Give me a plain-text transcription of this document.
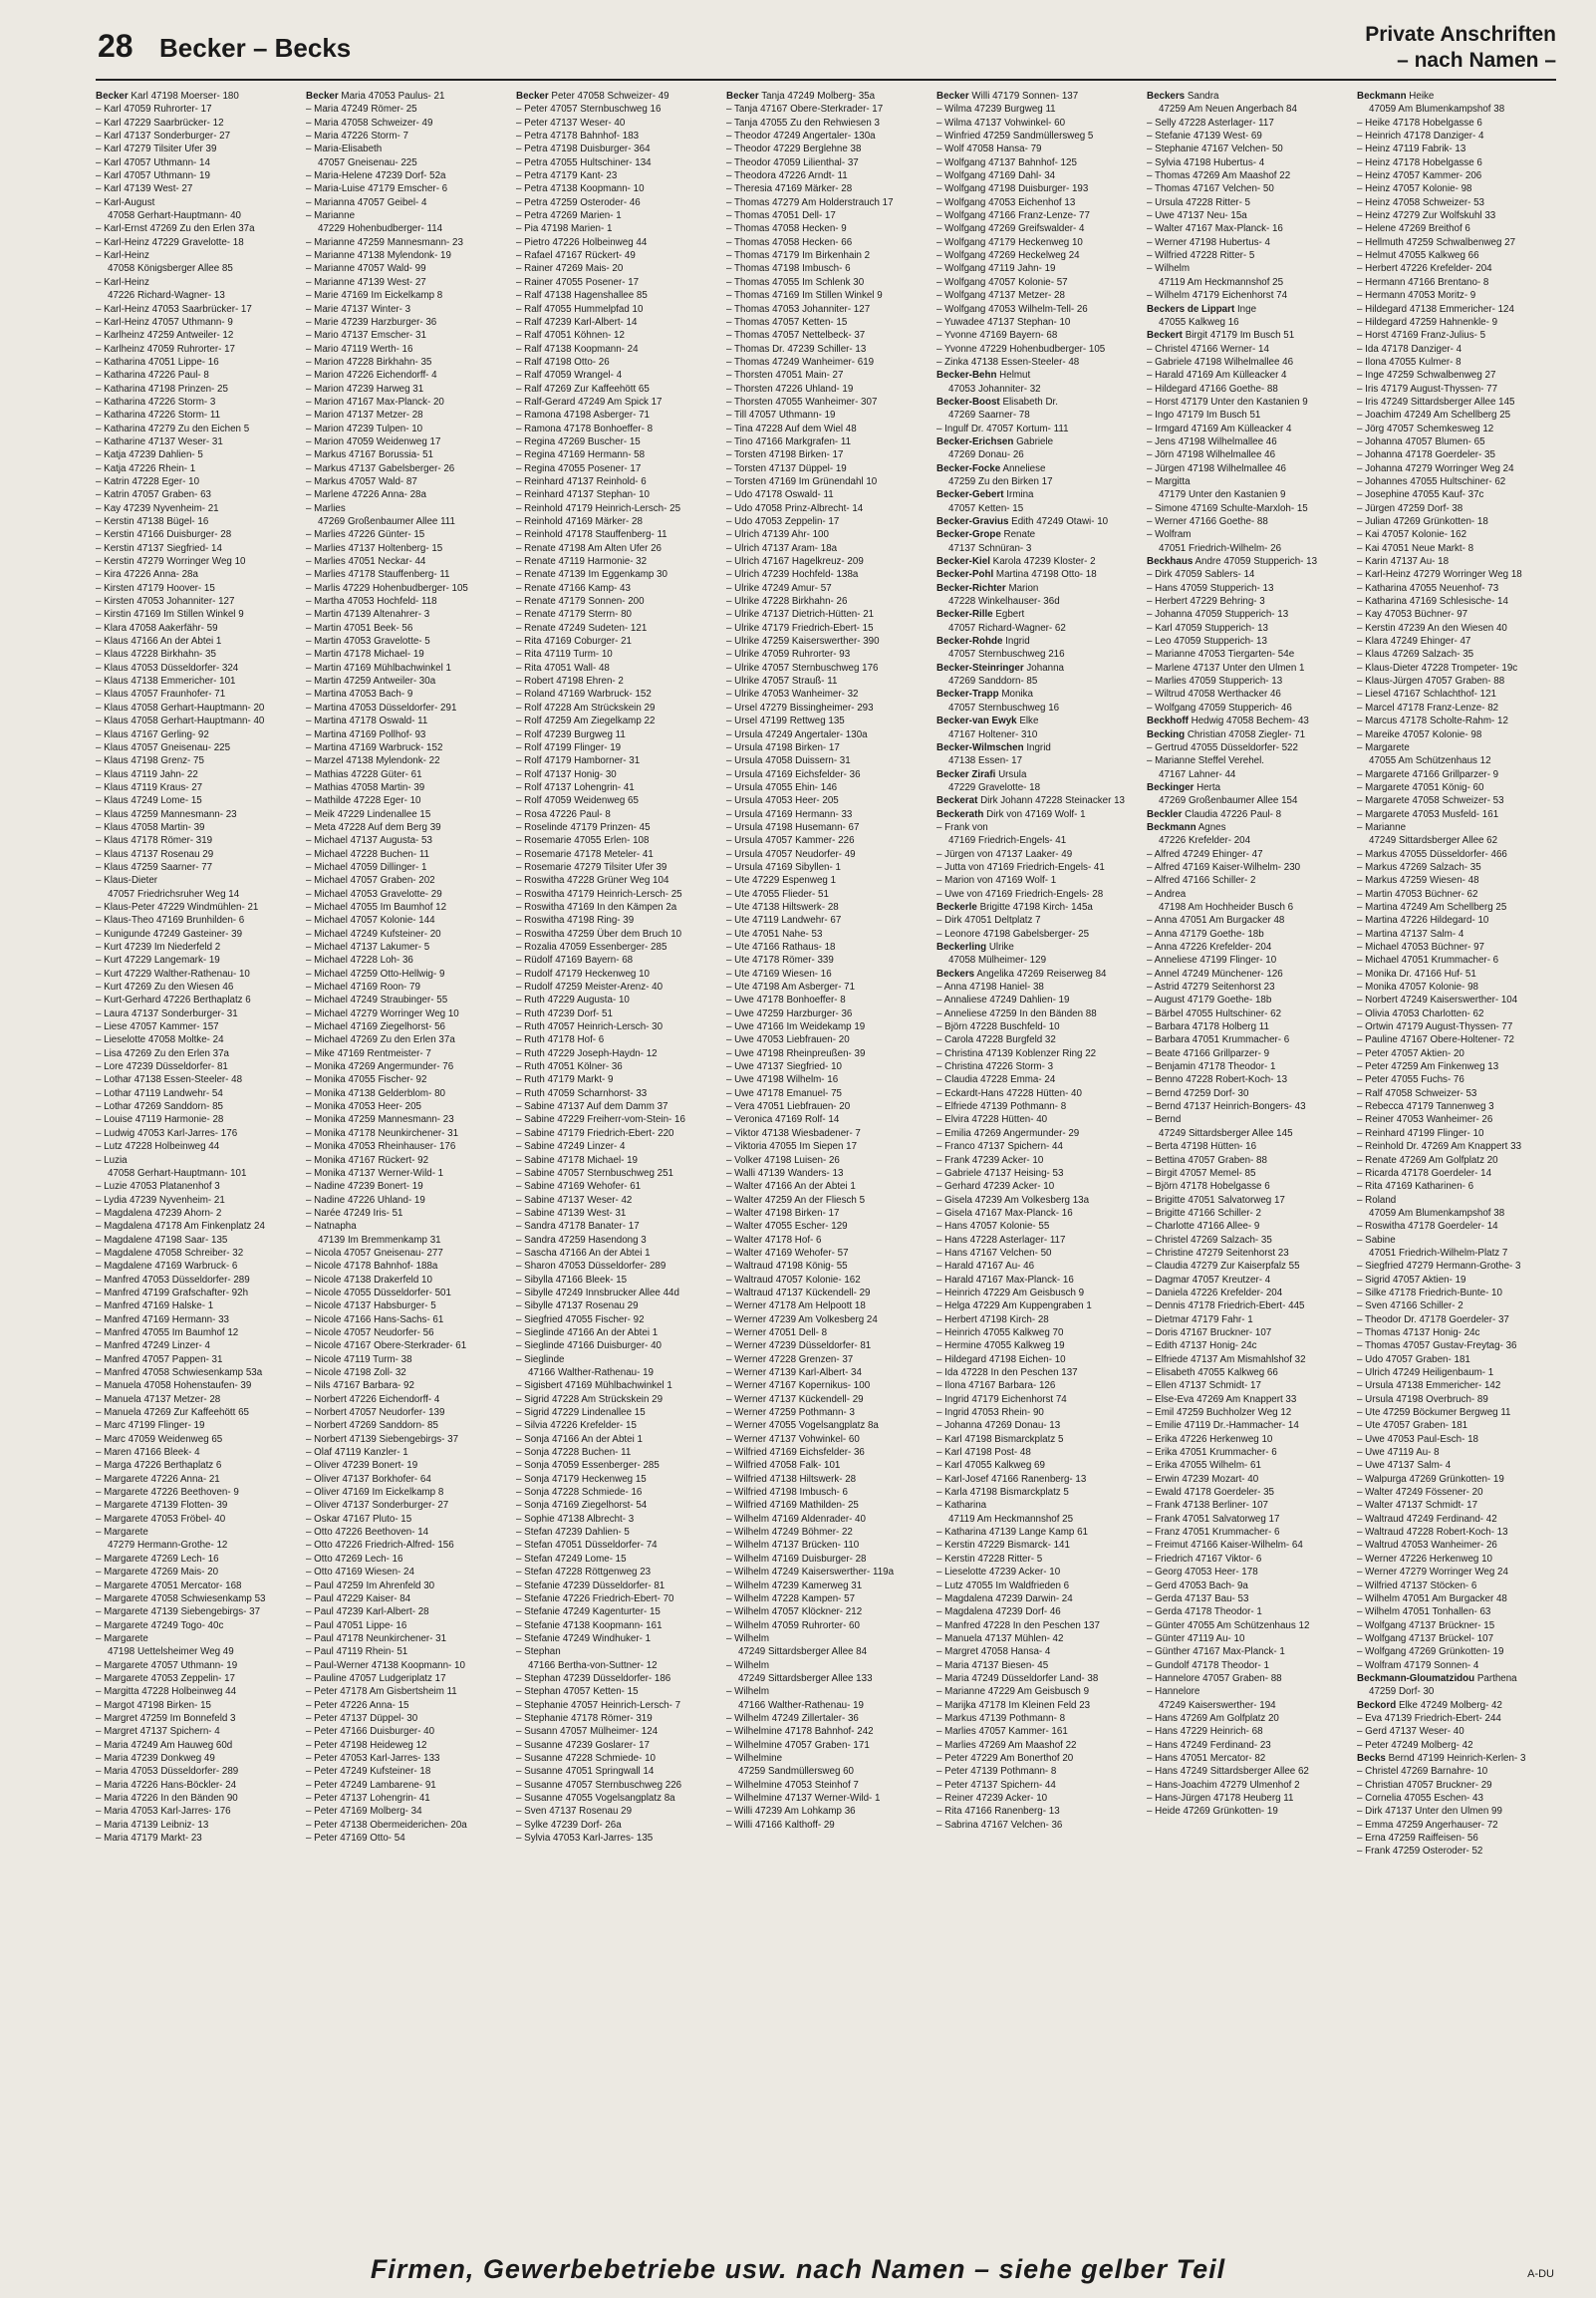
28 Becker – Becks	Private Anschriften
– nach Namen –
Becker Karl 47198 Moerser- 180
– Karl 47059 Ruhrorter- 17
– Karl 47229 Saarbrücker- 12
– Karl 47137 Sonderburger- 27
– Karl 47279 Tilsiter Ufer 39
– Karl 47057 Uthmann- 14
– Karl 47057 Uthmann- 19
– Karl 47139 West- 27
– Karl-August
47058 Gerhart-Hauptmann- 40
– Karl-Ernst 47269 Zu den Erlen 37a
– Karl-Heinz 47229 Gravelotte- 18
– Karl-Heinz
47058 Königsberger Allee 85
– Karl-Heinz
47226 Richard-Wagner- 13
– Karl-Heinz 47053 Saarbrücker- 17
– Karl-Heinz 47057 Uthmann- 9
– Karlheinz 47259 Antweiler- 12
– Karlheinz 47059 Ruhrorter- 17
– Katharina 47051 Lippe- 16
– Katharina 47226 Paul- 8
– Katharina 47198 Prinzen- 25
– Katharina 47226 Storm- 3
– Katharina 47226 Storm- 11
– Katharina 47279 Zu den Eichen 5
– Katharine 47137 Weser- 31
– Katja 47239 Dahlien- 5
– Katja 47226 Rhein- 1
– Katrin 47228 Eger- 10
– Katrin 47057 Graben- 63
– Kay 47239 Nyvenheim- 21
– Kerstin 47138 Bügel- 16
– Kerstin 47166 Duisburger- 28
– Kerstin 47137 Siegfried- 14
– Kerstin 47279 Worringer Weg 10
– Kira 47226 Anna- 28a
– Kirsten 47179 Hoover- 15
– Kirsten 47053 Johanniter- 127
– Kirstin 47169 Im Stillen Winkel 9
– Klara 47058 Aakerfähr- 59
– Klaus 47166 An der Abtei 1
– Klaus 47228 Birkhahn- 35
– Klaus 47053 Düsseldorfer- 324
– Klaus 47138 Emmericher- 101
– Klaus 47057 Fraunhofer- 71
– Klaus 47058 Gerhart-Hauptmann- 20
– Klaus 47058 Gerhart-Hauptmann- 40
– Klaus 47167 Gerling- 92
– Klaus 47057 Gneisenau- 225
– Klaus 47198 Grenz- 75
– Klaus 47119 Jahn- 22
– Klaus 47119 Kraus- 27
– Klaus 47249 Lome- 15
– Klaus 47259 Mannesmann- 23
– Klaus 47058 Martin- 39
– Klaus 47178 Römer- 319
– Klaus 47137 Rosenau 29
– Klaus 47259 Saarner- 77
– Klaus-Dieter
47057 Friedrichsruher Weg 14
– Klaus-Peter 47229 Windmühlen- 21
– Klaus-Theo 47169 Brunhilden- 6
– Kunigunde 47249 Gasteiner- 39
– Kurt 47239 Im Niederfeld 2
– Kurt 47229 Langemark- 19
– Kurt 47229 Walther-Rathenau- 10
– Kurt 47269 Zu den Wiesen 46
– Kurt-Gerhard 47226 Berthaplatz 6
– Laura 47137 Sonderburger- 31
– Liese 47057 Kammer- 157
– Lieselotte 47058 Moltke- 24
– Lisa 47269 Zu den Erlen 37a
– Lore 47239 Düsseldorfer- 81
– Lothar 47138 Essen-Steeler- 48
– Lothar 47119 Landwehr- 54
– Lothar 47269 Sanddorn- 85
– Louise 47119 Harmonie- 28
– Ludwig 47053 Karl-Jarres- 176
– Lutz 47228 Holbeinweg 44
– Luzia
47058 Gerhart-Hauptmann- 101
– Luzie 47053 Platanenhof 3
– Lydia 47239 Nyvenheim- 21
– Magdalena 47239 Ahorn- 2
– Magdalena 47178 Am Finkenplatz 24
– Magdalene 47198 Saar- 135
– Magdalene 47058 Schreiber- 32
– Magdalene 47169 Warbruck- 6
– Manfred 47053 Düsseldorfer- 289
– Manfred 47199 Grafschafter- 92h
– Manfred 47169 Halske- 1
– Manfred 47169 Hermann- 33
– Manfred 47055 Im Baumhof 12
– Manfred 47249 Linzer- 4
– Manfred 47057 Pappen- 31
– Manfred 47058 Schwiesenkamp 53a
– Manuela 47058 Hohenstaufen- 39
– Manuela 47137 Metzer- 28
– Manuela 47269 Zur Kaffeehött 65
– Marc 47199 Flinger- 19
– Marc 47059 Weidenweg 65
– Maren 47166 Bleek- 4
– Marga 47226 Berthaplatz 6
– Margarete 47226 Anna- 21
– Margarete 47226 Beethoven- 9
– Margarete 47139 Flotten- 39
– Margarete 47053 Fröbel- 40
– Margarete
47279 Hermann-Grothe- 12
– Margarete 47269 Lech- 16
– Margarete 47269 Mais- 20
– Margarete 47051 Mercator- 168
– Margarete 47058 Schwiesenkamp 53
– Margarete 47139 Siebengebirgs- 37
– Margarete 47249 Togo- 40c
– Margarete
47198 Uettelsheimer Weg 49
– Margarete 47057 Uthmann- 19
– Margarete 47053 Zeppelin- 17
– Margitta 47228 Holbeinweg 44
– Margot 47198 Birken- 15
– Margret 47259 Im Bonnefeld 3
– Margret 47137 Spichern- 4
– Maria 47249 Am Hauweg 60d
– Maria 47239 Donkweg 49
– Maria 47053 Düsseldorfer- 289
– Maria 47226 Hans-Böckler- 24
– Maria 47226 In den Bänden 90
– Maria 47053 Karl-Jarres- 176
– Maria 47139 Leibniz- 13
– Maria 47179 Markt- 23
Becker Maria 47053 Paulus- 21
– Maria 47249 Römer- 25
– Maria 47058 Schweizer- 49
– Maria 47226 Storm- 7
– Maria-Elisabeth
47057 Gneisenau- 225
– Maria-Helene 47239 Dorf- 52a
– Maria-Luise 47179 Emscher- 6
– Marianna 47057 Geibel- 4
– Marianne
47229 Hohenbudberger- 114
– Marianne 47259 Mannesmann- 23
– Marianne 47138 Mylendonk- 19
– Marianne 47057 Wald- 99
– Marianne 47139 West- 27
– Marie 47169 Im Eickelkamp 8
– Marie 47137 Winter- 3
– Marie 47239 Harzburger- 36
– Mario 47137 Emscher- 31
– Mario 47119 Werth- 16
– Marion 47228 Birkhahn- 35
– Marion 47226 Eichendorff- 4
– Marion 47239 Harweg 31
– Marion 47167 Max-Planck- 20
– Marion 47137 Metzer- 28
– Marion 47239 Tulpen- 10
– Marion 47059 Weidenweg 17
– Markus 47167 Borussia- 51
– Markus 47137 Gabelsberger- 26
– Markus 47057 Wald- 87
– Marlene 47226 Anna- 28a
– Marlies
47269 Großenbaumer Allee 111
– Marlies 47226 Günter- 15
– Marlies 47137 Holtenberg- 15
– Marlies 47051 Neckar- 44
– Marlies 47178 Stauffenberg- 11
– Marlis 47229 Hohenbudberger- 105
– Martha 47053 Hochfeld- 118
– Martin 47139 Altenahrer- 3
– Martin 47051 Beek- 56
– Martin 47053 Gravelotte- 5
– Martin 47178 Michael- 19
– Martin 47169 Mühlbachwinkel 1
– Martin 47259 Antweiler- 30a
– Martina 47053 Bach- 9
– Martina 47053 Düsseldorfer- 291
– Martina 47178 Oswald- 11
– Martina 47169 Pollhof- 93
– Martina 47169 Warbruck- 152
– Marzel 47138 Mylendonk- 22
– Mathias 47228 Güter- 61
– Mathias 47058 Martin- 39
– Mathilde 47228 Eger- 10
– Meik 47229 Lindenallee 15
– Meta 47228 Auf dem Berg 39
– Michael 47137 Augusta- 53
– Michael 47228 Buchen- 11
– Michael 47059 Dillinger- 1
– Michael 47057 Graben- 202
– Michael 47053 Gravelotte- 29
– Michael 47055 Im Baumhof 12
– Michael 47057 Kolonie- 144
– Michael 47249 Kufsteiner- 20
– Michael 47137 Lakumer- 5
– Michael 47228 Loh- 36
– Michael 47259 Otto-Hellwig- 9
– Michael 47169 Roon- 79
– Michael 47249 Straubinger- 55
– Michael 47279 Worringer Weg 10
– Michael 47169 Ziegelhorst- 56
– Michael 47269 Zu den Erlen 37a
– Mike 47169 Rentmeister- 7
– Monika 47269 Angermunder- 76
– Monika 47055 Fischer- 92
– Monika 47138 Gelderblom- 80
– Monika 47053 Heer- 205
– Monika 47259 Mannesmann- 23
– Monika 47178 Neunkirchener- 31
– Monika 47053 Rheinhauser- 176
– Monika 47167 Rückert- 92
– Monika 47137 Werner-Wild- 1
– Nadine 47239 Bonert- 19
– Nadine 47226 Uhland- 19
– Narée 47249 Iris- 51
– Natnapha
47139 Im Bremmenkamp 31
– Nicola 47057 Gneisenau- 277
– Nicole 47178 Bahnhof- 188a
– Nicole 47138 Drakerfeld 10
– Nicole 47055 Düsseldorfer- 501
– Nicole 47137 Habsburger- 5
– Nicole 47166 Hans-Sachs- 61
– Nicole 47057 Neudorfer- 56
– Nicole 47167 Obere-Sterkrader- 61
– Nicole 47119 Turm- 38
– Nicole 47198 Zoll- 32
– Nils 47167 Barbara- 92
– Norbert 47226 Eichendorff- 4
– Norbert 47057 Neudorfer- 139
– Norbert 47269 Sanddorn- 85
– Norbert 47139 Siebengebirgs- 37
– Olaf 47119 Kanzler- 1
– Oliver 47239 Bonert- 19
– Oliver 47137 Borkhofer- 64
– Oliver 47169 Im Eickelkamp 8
– Oliver 47137 Sonderburger- 27
– Oskar 47167 Pluto- 15
– Otto 47226 Beethoven- 14
– Otto 47226 Friedrich-Alfred- 156
– Otto 47269 Lech- 16
– Otto 47169 Wiesen- 24
– Paul 47259 Im Ahrenfeld 30
– Paul 47229 Kaiser- 84
– Paul 47239 Karl-Albert- 28
– Paul 47051 Lippe- 16
– Paul 47178 Neunkirchener- 31
– Paul 47119 Rhein- 51
– Paul-Werner 47138 Koopmann- 10
– Pauline 47057 Ludgeriplatz 17
– Peter 47178 Am Gisbertsheim 11
– Peter 47226 Anna- 15
– Peter 47137 Düppel- 30
– Peter 47166 Duisburger- 40
– Peter 47198 Heideweg 12
– Peter 47053 Karl-Jarres- 133
– Peter 47249 Kufsteiner- 18
– Peter 47249 Lambarene- 91
– Peter 47137 Lohengrin- 41
– Peter 47169 Molberg- 34
– Peter 47138 Obermeiderichen- 20a
– Peter 47169 Otto- 54
Becker Peter 47058 Schweizer- 49
– Peter 47057 Sternbuschweg 16
– Peter 47137 Weser- 40
– Petra 47178 Bahnhof- 183
– Petra 47198 Duisburger- 364
– Petra 47055 Hultschiner- 134
– Petra 47179 Kant- 23
– Petra 47138 Koopmann- 10
– Petra 47259 Osteroder- 46
– Petra 47269 Marien- 1
– Pia 47198 Marien- 1
– Pietro 47226 Holbeinweg 44
– Rafael 47167 Rückert- 49
– Rainer 47269 Mais- 20
– Rainer 47055 Posener- 17
– Ralf 47138 Hagenshallee 85
– Ralf 47055 Hummelpfad 10
– Ralf 47239 Karl-Albert- 14
– Ralf 47051 Köhnen- 12
– Ralf 47138 Koopmann- 24
– Ralf 47198 Otto- 26
– Ralf 47059 Wrangel- 4
– Ralf 47269 Zur Kaffeehött 65
– Ralf-Gerard 47249 Am Spick 17
– Ramona 47198 Asberger- 71
– Ramona 47178 Bonhoeffer- 8
– Regina 47269 Buscher- 15
– Regina 47169 Hermann- 58
– Regina 47055 Posener- 17
– Reinhard 47137 Reinhold- 6
– Reinhard 47137 Stephan- 10
– Reinhold 47179 Heinrich-Lersch- 25
– Reinhold 47169 Märker- 28
– Reinhold 47178 Stauffenberg- 11
– Renate 47198 Am Alten Ufer 26
– Renate 47119 Harmonie- 32
– Renate 47139 Im Eggenkamp 30
– Renate 47166 Kamp- 43
– Renate 47179 Sonnen- 200
– Renate 47179 Sterrn- 80
– Renate 47249 Sudeten- 121
– Rita 47169 Coburger- 21
– Rita 47119 Turm- 10
– Rita 47051 Wall- 48
– Robert 47198 Ehren- 2
– Roland 47169 Warbruck- 152
– Rolf 47228 Am Strückskein 29
– Rolf 47259 Am Ziegelkamp 22
– Rolf 47239 Burgweg 11
– Rolf 47199 Flinger- 19
– Rolf 47179 Hamborner- 31
– Rolf 47137 Honig- 30
– Rolf 47137 Lohengrin- 41
– Rolf 47059 Weidenweg 65
– Rosa 47226 Paul- 8
– Roselinde 47179 Prinzen- 45
– Rosemarie 47055 Erlen- 108
– Rosemarie 47178 Meteler- 41
– Rosemarie 47279 Tilsiter Ufer 39
– Roswitha 47228 Grüner Weg 104
– Roswitha 47179 Heinrich-Lersch- 25
– Roswitha 47169 In den Kämpen 2a
– Roswitha 47198 Ring- 39
– Roswitha 47259 Über dem Bruch 10
– Rozalia 47059 Essenberger- 285
– Rüdolf 47169 Bayern- 68
– Rudolf 47179 Heckenweg 10
– Rudolf 47259 Meister-Arenz- 40
– Ruth 47229 Augusta- 10
– Ruth 47239 Dorf- 51
– Ruth 47057 Heinrich-Lersch- 30
– Ruth 47178 Hof- 6
– Ruth 47229 Joseph-Haydn- 12
– Ruth 47051 Kölner- 36
– Ruth 47179 Markt- 9
– Ruth 47059 Scharnhorst- 33
– Sabine 47137 Auf dem Damm 37
– Sabine 47229 Freiherr-vom-Stein- 16
– Sabine 47179 Friedrich-Ebert- 220
– Sabine 47249 Linzer- 4
– Sabine 47178 Michael- 19
– Sabine 47057 Sternbuschweg 251
– Sabine 47169 Wehofer- 61
– Sabine 47137 Weser- 42
– Sabine 47139 West- 31
– Sandra 47178 Banater- 17
– Sandra 47259 Hasendong 3
– Sascha 47166 An der Abtei 1
– Sharon 47053 Düsseldorfer- 289
– Sibylla 47166 Bleek- 15
– Sibylle 47249 Innsbrucker Allee 44d
– Sibylle 47137 Rosenau 29
– Siegfried 47055 Fischer- 92
– Sieglinde 47166 An der Abtei 1
– Sieglinde 47166 Duisburger- 40
– Sieglinde
47166 Walther-Rathenau- 19
– Sigisbert 47169 Mühlbachwinkel 1
– Sigrid 47228 Am Strückskein 29
– Sigrid 47229 Lindenallee 15
– Silvia 47226 Krefelder- 15
– Sonja 47166 An der Abtei 1
– Sonja 47228 Buchen- 11
– Sonja 47059 Essenberger- 285
– Sonja 47179 Heckenweg 15
– Sonja 47228 Schmiede- 16
– Sonja 47169 Ziegelhorst- 54
– Sophie 47138 Albrecht- 3
– Stefan 47239 Dahlien- 5
– Stefan 47051 Düsseldorfer- 74
– Stefan 47249 Lome- 15
– Stefan 47228 Röttgenweg 23
– Stefanie 47239 Düsseldorfer- 81
– Stefanie 47226 Friedrich-Ebert- 70
– Stefanie 47249 Kagenturter- 15
– Stefanie 47138 Koopmann- 161
– Stefanie 47249 Windhuker- 1
– Stephan
47166 Bertha-von-Suttner- 12
– Stephan 47239 Düsseldorfer- 186
– Stephan 47057 Ketten- 15
– Stephanie 47057 Heinrich-Lersch- 7
– Stephanie 47178 Römer- 319
– Susann 47057 Mülheimer- 124
– Susanne 47239 Goslarer- 17
– Susanne 47228 Schmiede- 10
– Susanne 47051 Springwall 14
– Susanne 47057 Sternbuschweg 226
– Susanne 47055 Vogelsangplatz 8a
– Sven 47137 Rosenau 29
– Sylke 47239 Dorf- 26a
– Sylvia 47053 Karl-Jarres- 135
Becker Tanja 47249 Molberg- 35a
– Tanja 47167 Obere-Sterkrader- 17
– Tanja 47055 Zu den Rehwiesen 3
– Theodor 47249 Angertaler- 130a
– Theodor 47229 Berglehne 38
– Theodor 47059 Lilienthal- 37
– Theodora 47226 Arndt- 11
– Theresia 47169 Märker- 28
– Thomas 47279 Am Holderstrauch 17
– Thomas 47051 Dell- 17
– Thomas 47058 Hecken- 9
– Thomas 47058 Hecken- 66
– Thomas 47179 Im Birkenhain 2
– Thomas 47198 Imbusch- 6
– Thomas 47055 Im Schlenk 30
– Thomas 47169 Im Stillen Winkel 9
– Thomas 47053 Johanniter- 127
– Thomas 47057 Ketten- 15
– Thomas 47057 Nettelbeck- 37
– Thomas Dr. 47239 Schiller- 13
– Thomas 47249 Wanheimer- 619
– Thorsten 47051 Main- 27
– Thorsten 47226 Uhland- 19
– Thorsten 47055 Wanheimer- 307
– Till 47057 Uthmann- 19
– Tina 47228 Auf dem Wiel 48
– Tino 47166 Markgrafen- 11
– Torsten 47198 Birken- 17
– Torsten 47137 Düppel- 19
– Torsten 47169 Im Grünendahl 10
– Udo 47178 Oswald- 11
– Udo 47058 Prinz-Albrecht- 14
– Udo 47053 Zeppelin- 17
– Ulrich 47139 Ahr- 100
– Ulrich 47137 Aram- 18a
– Ulrich 47167 Hagelkreuz- 209
– Ulrich 47239 Hochfeld- 138a
– Ulrike 47249 Amur- 57
– Ulrike 47228 Birkhahn- 26
– Ulrike 47137 Dietrich-Hütten- 21
– Ulrike 47179 Friedrich-Ebert- 15
– Ulrike 47259 Kaiserswerther- 390
– Ulrike 47059 Ruhrorter- 93
– Ulrike 47057 Sternbuschweg 176
– Ulrike 47057 Strauß- 11
– Ulrike 47053 Wanheimer- 32
– Ursel 47279 Bissingheimer- 293
– Ursel 47199 Rettweg 135
– Ursula 47249 Angertaler- 130a
– Ursula 47198 Birken- 17
– Ursula 47058 Duissern- 31
– Ursula 47169 Eichsfelder- 36
– Ursula 47055 Ehin- 146
– Ursula 47053 Heer- 205
– Ursula 47169 Hermann- 33
– Ursula 47198 Husemann- 67
– Ursula 47057 Kammer- 226
– Ursula 47057 Neudorfer- 49
– Ursula 47169 Sibyllen- 1
– Ute 47229 Espenweg 1
– Ute 47055 Flieder- 51
– Ute 47138 Hiltswerk- 28
– Ute 47119 Landwehr- 67
– Ute 47051 Nahe- 53
– Ute 47166 Rathaus- 18
– Ute 47178 Römer- 339
– Ute 47169 Wiesen- 16
– Ute 47198 Am Asberger- 71
– Uwe 47178 Bonhoeffer- 8
– Uwe 47259 Harzburger- 36
– Uwe 47166 Im Weidekamp 19
– Uwe 47053 Liebfrauen- 20
– Uwe 47198 Rheinpreußen- 39
– Uwe 47137 Siegfried- 10
– Uwe 47198 Wilhelm- 16
– Uwe 47178 Emanuel- 75
– Vera 47051 Liebfrauen- 20
– Veronica 47169 Rolf- 14
– Viktor 47138 Wiesbadener- 7
– Viktoria 47055 Im Siepen 17
– Volker 47198 Luisen- 26
– Walli 47139 Wanders- 13
– Walter 47166 An der Abtei 1
– Walter 47259 An der Fliesch 5
– Walter 47198 Birken- 17
– Walter 47055 Escher- 129
– Walter 47178 Hof- 6
– Walter 47169 Wehofer- 57
– Waltraud 47198 König- 55
– Waltraud 47057 Kolonie- 162
– Waltraud 47137 Kückendell- 29
– Werner 47178 Am Helpoott 18
– Werner 47239 Am Volkesberg 24
– Werner 47051 Dell- 8
– Werner 47239 Düsseldorfer- 81
– Werner 47228 Grenzen- 37
– Werner 47139 Karl-Albert- 34
– Werner 47167 Kopernikus- 100
– Werner 47137 Kückendell- 29
– Werner 47259 Pothmann- 3
– Werner 47055 Vogelsangplatz 8a
– Werner 47137 Vohwinkel- 60
– Wilfried 47169 Eichsfelder- 36
– Wilfried 47058 Falk- 101
– Wilfried 47138 Hiltswerk- 28
– Wilfried 47198 Imbusch- 6
– Wilfried 47169 Mathilden- 25
– Wilhelm 47169 Aldenrader- 40
– Wilhelm 47249 Böhmer- 22
– Wilhelm 47137 Brücken- 110
– Wilhelm 47169 Duisburger- 28
– Wilhelm 47249 Kaiserswerther- 119a
– Wilhelm 47239 Kamerweg 31
– Wilhelm 47228 Kampen- 57
– Wilhelm 47057 Klöckner- 212
– Wilhelm 47059 Ruhrorter- 60
– Wilhelm
47249 Sittardsberger Allee 84
– Wilhelm
47249 Sittardsberger Allee 133
– Wilhelm
47166 Walther-Rathenau- 19
– Wilhelm 47249 Zillertaler- 36
– Wilhelmine 47178 Bahnhof- 242
– Wilhelmine 47057 Graben- 171
– Wilhelmine
47259 Sandmüllersweg 60
– Wilhelmine 47053 Steinhof 7
– Wilhelmine 47137 Werner-Wild- 1
– Willi 47239 Am Lohkamp 36
– Willi 47166 Kalthoff- 29
Becker Willi 47179 Sonnen- 137
– Wilma 47239 Burgweg 11
– Wilma 47137 Vohwinkel- 60
– Winfried 47259 Sandmüllersweg 5
– Wolf 47058 Hansa- 79
– Wolfgang 47137 Bahnhof- 125
– Wolfgang 47169 Dahl- 34
– Wolfgang 47198 Duisburger- 193
– Wolfgang 47053 Eichenhof 13
– Wolfgang 47166 Franz-Lenze- 77
– Wolfgang 47269 Greifswalder- 4
– Wolfgang 47179 Heckenweg 10
– Wolfgang 47269 Heckelweg 24
– Wolfgang 47119 Jahn- 19
– Wolfgang 47057 Kolonie- 57
– Wolfgang 47137 Metzer- 28
– Wolfgang 47053 Wilhelm-Tell- 26
– Yuwadee 47137 Stephan- 10
– Yvonne 47169 Bayern- 68
– Yvonne 47229 Hohenbudberger- 105
– Zinka 47138 Essen-Steeler- 48
Becker-Behn Helmut
47053 Johanniter- 32
Becker-Boost Elisabeth Dr.
47269 Saarner- 78
– Ingulf Dr. 47057 Kortum- 111
Becker-Erichsen Gabriele
47269 Donau- 26
Becker-Focke Anneliese
47259 Zu den Birken 17
Becker-Gebert Irmina
47057 Ketten- 15
Becker-Gravius Edith 47249 Otawi- 10
Becker-Grope Renate
47137 Schnüran- 3
Becker-Kiel Karola 47239 Kloster- 2
Becker-Pohl Martina 47198 Otto- 18
Becker-Richter Marion
47228 Winkelhauser- 36d
Becker-Rille Egbert
47057 Richard-Wagner- 62
Becker-Rohde Ingrid
47057 Sternbuschweg 216
Becker-Steinringer Johanna
47269 Sanddorn- 85
Becker-Trapp Monika
47057 Sternbuschweg 16
Becker-van Ewyk Elke
47167 Holtener- 310
Becker-Wilmschen Ingrid
47138 Essen- 17
Becker Zirafi Ursula
47229 Gravelotte- 18
Beckerat Dirk Johann 47228 Steinacker 13
Beckerath Dirk von 47169 Wolf- 1
– Frank von
47169 Friedrich-Engels- 41
– Jürgen von 47137 Laaker- 49
– Jutta von 47169 Friedrich-Engels- 41
– Marion von 47169 Wolf- 1
– Uwe von 47169 Friedrich-Engels- 28
Beckerle Brigitte 47198 Kirch- 145a
– Dirk 47051 Deltplatz 7
– Leonore 47198 Gabelsberger- 25
Beckerling Ulrike
47058 Mülheimer- 129
Beckers Angelika 47269 Reiserweg 84
– Anna 47198 Haniel- 38
– Annaliese 47249 Dahlien- 19
– Anneliese 47259 In den Bänden 88
– Björn 47228 Buschfeld- 10
– Carola 47228 Burgfeld 32
– Christina 47139 Koblenzer Ring 22
– Christina 47226 Storm- 3
– Claudia 47228 Emma- 24
– Eckardt-Hans 47228 Hütten- 40
– Elfriede 47139 Pothmann- 8
– Elvira 47228 Hütten- 40
– Emilia 47269 Angermunder- 29
– Franco 47137 Spichern- 44
– Frank 47239 Acker- 10
– Gabriele 47137 Heising- 53
– Gerhard 47239 Acker- 10
– Gisela 47239 Am Volkesberg 13a
– Gisela 47167 Max-Planck- 16
– Hans 47057 Kolonie- 55
– Hans 47228 Asterlager- 117
– Hans 47167 Velchen- 50
– Harald 47167 Au- 46
– Harald 47167 Max-Planck- 16
– Heinrich 47229 Am Geisbusch 9
– Helga 47229 Am Kuppengraben 1
– Herbert 47198 Kirch- 28
– Heinrich 47055 Kalkweg 70
– Hermine 47055 Kalkweg 19
– Hildegard 47198 Eichen- 10
– Ida 47228 In den Peschen 137
– Ilona 47167 Barbara- 126
– Ingrid 47179 Eichenhorst 74
– Ingrid 47053 Rhein- 90
– Johanna 47269 Donau- 13
– Karl 47198 Bismarckplatz 5
– Karl 47198 Post- 48
– Karl 47055 Kalkweg 69
– Karl-Josef 47166 Ranenberg- 13
– Karla 47198 Bismarckplatz 5
– Katharina
47119 Am Heckmannshof 25
– Katharina 47139 Lange Kamp 61
– Kerstin 47229 Bismarck- 141
– Kerstin 47228 Ritter- 5
– Lieselotte 47239 Acker- 10
– Lutz 47055 Im Waldfrieden 6
– Magdalena 47239 Darwin- 24
– Magdalena 47239 Dorf- 46
– Manfred 47228 In den Peschen 137
– Manuela 47137 Mühlen- 42
– Margret 47058 Hansa- 4
– Maria 47137 Biesen- 45
– Maria 47249 Düsseldorfer Land- 38
– Marianne 47229 Am Geisbusch 9
– Marijka 47178 Im Kleinen Feld 23
– Markus 47139 Pothmann- 8
– Marlies 47057 Kammer- 161
– Marlies 47269 Am Maashof 22
– Peter 47229 Am Bonerthof 20
– Peter 47139 Pothmann- 8
– Peter 47137 Spichern- 44
– Reiner 47239 Acker- 10
– Rita 47166 Ranenberg- 13
– Sabrina 47167 Velchen- 36
Beckers Sandra
47259 Am Neuen Angerbach 84
– Selly 47228 Asterlager- 117
– Stefanie 47139 West- 69
– Stephanie 47167 Velchen- 50
– Sylvia 47198 Hubertus- 4
– Thomas 47269 Am Maashof 22
– Thomas 47167 Velchen- 50
– Ursula 47228 Ritter- 5
– Uwe 47137 Neu- 15a
– Walter 47167 Max-Planck- 16
– Werner 47198 Hubertus- 4
– Wilfried 47228 Ritter- 5
– Wilhelm
47119 Am Heckmannshof 25
– Wilhelm 47179 Eichenhorst 74
Beckers de Lippart Inge
47055 Kalkweg 16
Beckert Birgit 47179 Im Busch 51
– Christel 47166 Werner- 14
– Gabriele 47198 Wilhelmallee 46
– Harald 47169 Am Külleacker 4
– Hildegard 47166 Goethe- 88
– Horst 47179 Unter den Kastanien 9
– Ingo 47179 Im Busch 51
– Irmgard 47169 Am Külleacker 4
– Jens 47198 Wilhelmallee 46
– Jörn 47198 Wilhelmallee 46
– Jürgen 47198 Wilhelmallee 46
– Margitta
47179 Unter den Kastanien 9
– Simone 47169 Schulte-Marxloh- 15
– Werner 47166 Goethe- 88
– Wolfram
47051 Friedrich-Wilhelm- 26
Beckhaus Andre 47059 Stupperich- 13
– Dirk 47059 Sablers- 14
– Hans 47059 Stupperich- 13
– Herbert 47229 Behring- 3
– Johanna 47059 Stupperich- 13
– Karl 47059 Stupperich- 13
– Leo 47059 Stupperich- 13
– Marianne 47053 Tiergarten- 54e
– Marlene 47137 Unter den Ulmen 1
– Marlies 47059 Stupperich- 13
– Wiltrud 47058 Werthacker 46
– Wolfgang 47059 Stupperich- 46
Beckhoff Hedwig 47058 Bechem- 43
Becking Christian 47058 Ziegler- 71
– Gertrud 47055 Düsseldorfer- 522
– Marianne Steffel Verehel.
47167 Lahner- 44
Beckinger Herta
47269 Großenbaumer Allee 154
Beckler Claudia 47226 Paul- 8
Beckmann Agnes
47226 Krefelder- 204
– Alfred 47249 Ehinger- 47
– Alfred 47169 Kaiser-Wilhelm- 230
– Alfred 47166 Schiller- 2
– Andrea
47198 Am Hochheider Busch 6
– Anna 47051 Am Burgacker 48
– Anna 47179 Goethe- 18b
– Anna 47226 Krefelder- 204
– Anneliese 47199 Flinger- 10
– Annel 47249 Münchener- 126
– Astrid 47279 Seitenhorst 23
– August 47179 Goethe- 18b
– Bärbel 47055 Hultschiner- 62
– Barbara 47178 Holberg 11
– Barbara 47051 Krummacher- 6
– Beate 47166 Grillparzer- 9
– Benjamin 47178 Theodor- 1
– Benno 47228 Robert-Koch- 13
– Bernd 47259 Dorf- 30
– Bernd 47137 Heinrich-Bongers- 43
– Bernd
47249 Sittardsberger Allee 145
– Berta 47198 Hütten- 16
– Bettina 47057 Graben- 88
– Birgit 47057 Memel- 85
– Björn 47178 Hobelgasse 6
– Brigitte 47051 Salvatorweg 17
– Brigitte 47166 Schiller- 2
– Charlotte 47166 Allee- 9
– Christel 47269 Salzach- 35
– Christine 47279 Seitenhorst 23
– Claudia 47279 Zur Kaiserpfalz 55
– Dagmar 47057 Kreutzer- 4
– Daniela 47226 Krefelder- 204
– Dennis 47178 Friedrich-Ebert- 445
– Dietmar 47179 Fahr- 1
– Doris 47167 Bruckner- 107
– Edith 47137 Honig- 24c
– Elfriede 47137 Am Mismahlshof 32
– Elisabeth 47055 Kalkweg 66
– Ellen 47137 Schmidt- 17
– Else-Eva 47269 Am Knappert 33
– Emil 47259 Buchholzer Weg 12
– Emilie 47119 Dr.-Hammacher- 14
– Erika 47226 Herkenweg 10
– Erika 47051 Krummacher- 6
– Erika 47055 Wilhelm- 61
– Erwin 47239 Mozart- 40
– Ewald 47178 Goerdeler- 35
– Frank 47138 Berliner- 107
– Frank 47051 Salvatorweg 17
– Franz 47051 Krummacher- 6
– Freimut 47166 Kaiser-Wilhelm- 64
– Friedrich 47167 Viktor- 6
– Georg 47053 Heer- 178
– Gerd 47053 Bach- 9a
– Gerda 47137 Bau- 53
– Gerda 47178 Theodor- 1
– Günter 47055 Am Schützenhaus 12
– Günter 47119 Au- 10
– Günther 47167 Max-Planck- 1
– Gundolf 47178 Theodor- 1
– Hannelore 47057 Graben- 88
– Hannelore
47249 Kaiserswerther- 194
– Hans 47269 Am Golfplatz 20
– Hans 47229 Heinrich- 68
– Hans 47249 Ferdinand- 23
– Hans 47051 Mercator- 82
– Hans 47249 Sittardsberger Allee 62
– Hans-Joachim 47279 Ulmenhof 2
– Hans-Jürgen 47178 Heuberg 11
– Heide 47269 Grünkotten- 19
Beckmann Heike
47059 Am Blumenkampshof 38
– Heike 47178 Hobelgasse 6
– Heinrich 47178 Danziger- 4
– Heinz 47119 Fabrik- 13
– Heinz 47178 Hobelgasse 6
– Heinz 47057 Kammer- 206
– Heinz 47057 Kolonie- 98
– Heinz 47058 Schweizer- 53
– Heinz 47279 Zur Wolfskuhl 33
– Helene 47269 Breithof 6
– Hellmuth 47259 Schwalbenweg 27
– Helmut 47055 Kalkweg 66
– Herbert 47226 Krefelder- 204
– Hermann 47166 Brentano- 8
– Hermann 47053 Moritz- 9
– Hildegard 47138 Emmericher- 124
– Hildegard 47259 Hahnenkle- 9
– Horst 47169 Franz-Julius- 5
– Ida 47178 Danziger- 4
– Ilona 47055 Kulmer- 8
– Inge 47259 Schwalbenweg 27
– Iris 47179 August-Thyssen- 77
– Iris 47249 Sittardsberger Allee 145
– Joachim 47249 Am Schellberg 25
– Jörg 47057 Schemkesweg 12
– Johanna 47057 Blumen- 65
– Johanna 47178 Goerdeler- 35
– Johanna 47279 Worringer Weg 24
– Johannes 47055 Hultschiner- 62
– Josephine 47055 Kauf- 37c
– Jürgen 47259 Dorf- 38
– Julian 47269 Grünkotten- 18
– Kai 47057 Kolonie- 162
– Kai 47051 Neue Markt- 8
– Karin 47137 Au- 18
– Karl-Heinz 47279 Worringer Weg 18
– Katharina 47055 Neuenhof- 73
– Katharina 47169 Schlesische- 14
– Kay 47053 Büchner- 97
– Kerstin 47239 An den Wiesen 40
– Klara 47249 Ehinger- 47
– Klaus 47269 Salzach- 35
– Klaus-Dieter 47228 Trompeter- 19c
– Klaus-Jürgen 47057 Graben- 88
– Liesel 47167 Schlachthof- 121
– Marcel 47178 Franz-Lenze- 82
– Marcus 47178 Scholte-Rahm- 12
– Mareike 47057 Kolonie- 98
– Margarete
47055 Am Schützenhaus 12
– Margarete 47166 Grillparzer- 9
– Margarete 47051 König- 60
– Margarete 47058 Schweizer- 53
– Margarete 47053 Musfeld- 161
– Marianne
47249 Sittardsberger Allee 62
– Markus 47055 Düsseldorfer- 466
– Markus 47269 Salzach- 35
– Markus 47259 Wiesen- 48
– Martin 47053 Büchner- 62
– Martina 47249 Am Schellberg 25
– Martina 47226 Hildegard- 10
– Martina 47137 Salm- 4
– Michael 47053 Büchner- 97
– Michael 47051 Krummacher- 6
– Monika Dr. 47166 Huf- 51
– Monika 47057 Kolonie- 98
– Norbert 47249 Kaiserswerther- 104
– Olivia 47053 Charlotten- 62
– Ortwin 47179 August-Thyssen- 77
– Pauline 47167 Obere-Holtener- 72
– Peter 47057 Aktien- 20
– Peter 47259 Am Finkenweg 13
– Peter 47055 Fuchs- 76
– Ralf 47058 Schweizer- 53
– Rebecca 47179 Tannenweg 3
– Reiner 47053 Wanheimer- 26
– Reinhard 47199 Flinger- 10
– Reinhold Dr. 47269 Am Knappert 33
– Renate 47269 Am Golfplatz 20
– Ricarda 47178 Goerdeler- 14
– Rita 47169 Katharinen- 6
– Roland
47059 Am Blumenkampshof 38
– Roswitha 47178 Goerdeler- 14
– Sabine
47051 Friedrich-Wilhelm-Platz 7
– Siegfried 47279 Hermann-Grothe- 3
– Sigrid 47057 Aktien- 19
– Silke 47178 Friedrich-Bunte- 10
– Sven 47166 Schiller- 2
– Theodor Dr. 47178 Goerdeler- 37
– Thomas 47137 Honig- 24c
– Thomas 47057 Gustav-Freytag- 36
– Udo 47057 Graben- 181
– Ulrich 47249 Heiligenbaum- 1
– Ursula 47138 Emmericher- 142
– Ursula 47198 Overbruch- 89
– Ute 47259 Böckumer Bergweg 11
– Ute 47057 Graben- 181
– Uwe 47053 Paul-Esch- 18
– Uwe 47119 Au- 8
– Uwe 47137 Salm- 4
– Walpurga 47269 Grünkotten- 19
– Walter 47249 Fössener- 20
– Walter 47137 Schmidt- 17
– Waltraud 47249 Ferdinand- 42
– Waltraud 47228 Robert-Koch- 13
– Waltrud 47053 Wanheimer- 26
– Werner 47226 Herkenweg 10
– Werner 47279 Worringer Weg 24
– Wilfried 47137 Stöcken- 6
– Wilhelm 47051 Am Burgacker 48
– Wilhelm 47051 Tonhallen- 63
– Wolfgang 47137 Brückner- 15
– Wolfgang 47137 Brückel- 107
– Wolfgang 47269 Grünkotten- 19
– Wolfram 47179 Sonnen- 4
Beckmann-Gloumatzidou Parthena
47259 Dorf- 30
Beckord Elke 47249 Molberg- 42
– Eva 47139 Friedrich-Ebert- 244
– Gerd 47137 Weser- 40
– Peter 47249 Molberg- 42
Becks Bernd 47199 Heinrich-Kerlen- 3
– Christel 47269 Barnahre- 10
– Christian 47057 Bruckner- 29
– Cornelia 47055 Eschen- 43
– Dirk 47137 Unter den Ulmen 99
– Emma 47259 Angerhauser- 72
– Erna 47259 Raiffeisen- 56
– Frank 47259 Osteroder- 52
Firmen, Gewerbebetriebe usw. nach Namen – siehe gelber Teil	A-DU
